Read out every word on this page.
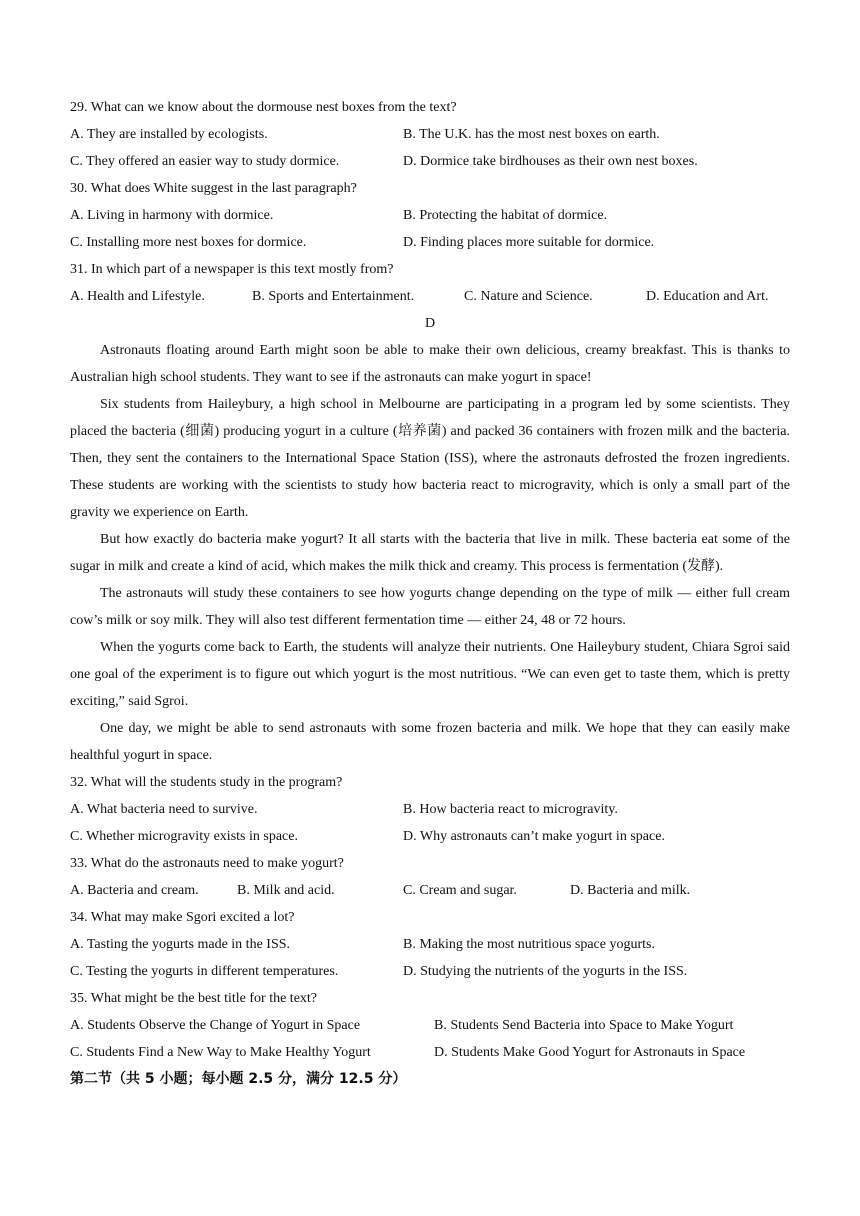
29. What can we know about the dormouse nest boxes from the text?
A. They are installed by ecologists.	B. The U.K. has the most nest boxes on earth.
C. They offered an easier way to study dormice.	D. Dormice take birdhouses as their own nest boxes.
30. What does White suggest in the last paragraph?
A. Living in harmony with dormice.	B. Protecting the habitat of dormice.
C. Installing more nest boxes for dormice.	D. Finding places more suitable for dormice.
31. In which part of a newspaper is this text mostly from?
A. Health and Lifestyle.	B. Sports and Entertainment.	C. Nature and Science.	D. Education and Art.
D

Astronauts floating around Earth might soon be able to make their own delicious, creamy breakfast. This is thanks to Australian high school students. They want to see if the astronauts can make yogurt in space!

Six students from Haileybury, a high school in Melbourne are participating in a program led by some scientists. They placed the bacteria (细菌) producing yogurt in a culture (培养菌) and packed 36 containers with frozen milk and the bacteria. Then, they sent the containers to the International Space Station (ISS), where the astronauts defrosted the frozen ingredients. These students are working with the scientists to study how bacteria react to microgravity, which is only a small part of the gravity we experience on Earth.

But how exactly do bacteria make yogurt? It all starts with the bacteria that live in milk. These bacteria eat some of the sugar in milk and create a kind of acid, which makes the milk thick and creamy. This process is fermentation (发酵).

The astronauts will study these containers to see how yogurts change depending on the type of milk — either full cream cow’s milk or soy milk. They will also test different fermentation time — either 24, 48 or 72 hours.

When the yogurts come back to Earth, the students will analyze their nutrients. One Haileybury student, Chiara Sgroi said one goal of the experiment is to figure out which yogurt is the most nutritious. “We can even get to taste them, which is pretty exciting,” said Sgroi.

One day, we might be able to send astronauts with some frozen bacteria and milk. We hope that they can easily make healthful yogurt in space.

32. What will the students study in the program?
A. What bacteria need to survive.	B. How bacteria react to microgravity.
C. Whether microgravity exists in space.	D. Why astronauts can’t make yogurt in space.
33. What do the astronauts need to make yogurt?
A. Bacteria and cream.	B. Milk and acid.	C. Cream and sugar.	D. Bacteria and milk.
34. What may make Sgori excited a lot?
A. Tasting the yogurts made in the ISS.	B. Making the most nutritious space yogurts.
C. Testing the yogurts in different temperatures.	D. Studying the nutrients of the yogurts in the ISS.
35. What might be the best title for the text?
A. Students Observe the Change of Yogurt in Space	B. Students Send Bacteria into Space to Make Yogurt
C. Students Find a New Way to Make Healthy Yogurt	D. Students Make Good Yogurt for Astronauts in Space
第二节（共 5 小题；每小题 2.5 分，满分 12.5 分）
